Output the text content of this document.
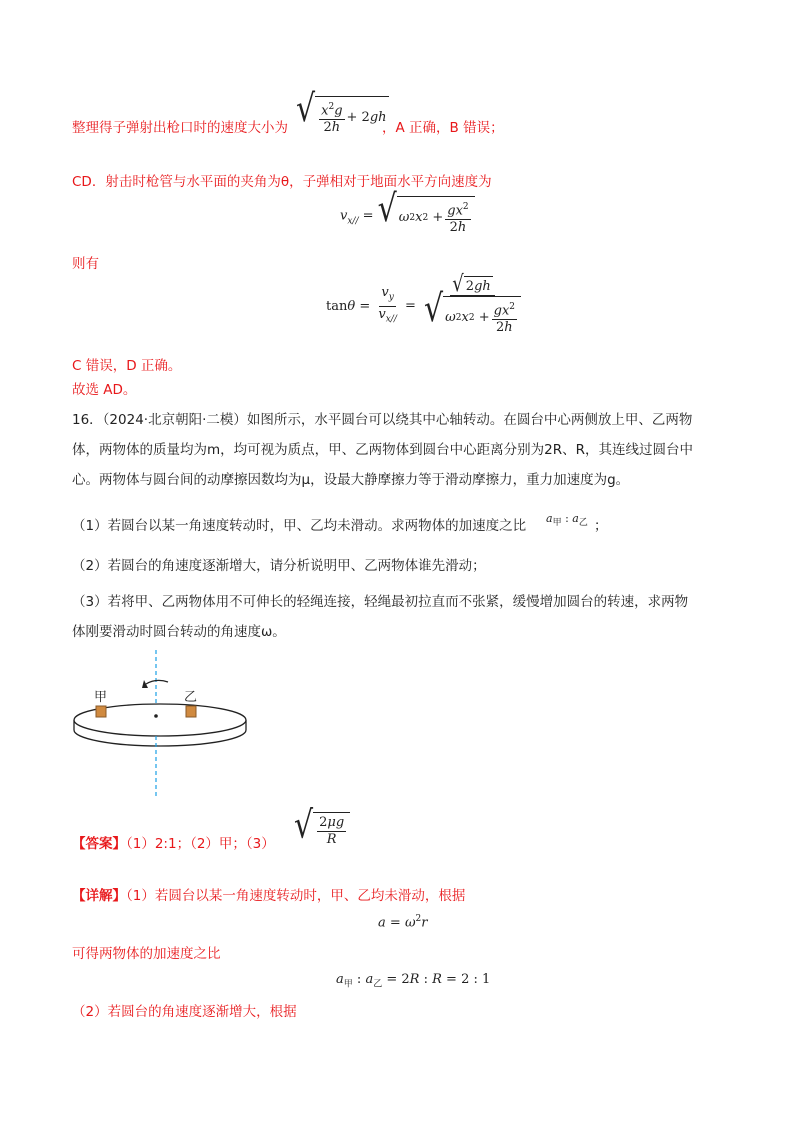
整理得子弹射出枪口时的速度大小为 √ $\frac{x^2g}{2h} + 2gh$
，A 正确，B 错误；
CD．射击时枪管与水平面的夹角为θ，子弹相对于地面水平方向速度为
$v_{x//}$ = √ ω 2 x $2 + \frac{gx^2}{2h}$
则有
$\tan\theta = \frac{v_y}{v_{x//}} = \frac{√ 2 gh}{√ \omega 2 x 2 + \frac{gx^2}{2h}}$
C 错误，D 正确。
故选 AD。
16．（2024·北京朝阳·二模）如图所示，水平圆台可以绕其中心轴转动。在圆台中心两侧放上甲、乙两物
体，两物体的质量均为m，均可视为质点，甲、乙两物体到圆台中心距离分别为2R、R，其连线过圆台中
心。两物体与圆台间的动摩擦因数均为μ，设最大静摩擦力等于滑动摩擦力，重力加速度为g。
（1）若圆台以某一角速度转动时，甲、乙均未滑动。求两物体的加速度之比 $a_甲$ : $a_乙$ ；
（2）若圆台的角速度逐渐增大，请分析说明甲、乙两物体谁先滑动；
（3）若将甲、乙两物体用不可伸长的轻绳连接，轻绳最初拉直而不张紧，缓慢增加圆台的转速，求两物
体刚要滑动时圆台转动的角速度ω。
甲	乙
【答案】（1）2:1；（2）甲；（3） √ $\frac{2\mu g}{R}$
【详解】（1）若圆台以某一角速度转动时，甲、乙均未滑动，根据
$a = \omega^2r$
可得两物体的加速度之比
$a_甲$ : $a_乙 = 2R$ : R = 2 : 1
（2）若圆台的角速度逐渐增大，根据
